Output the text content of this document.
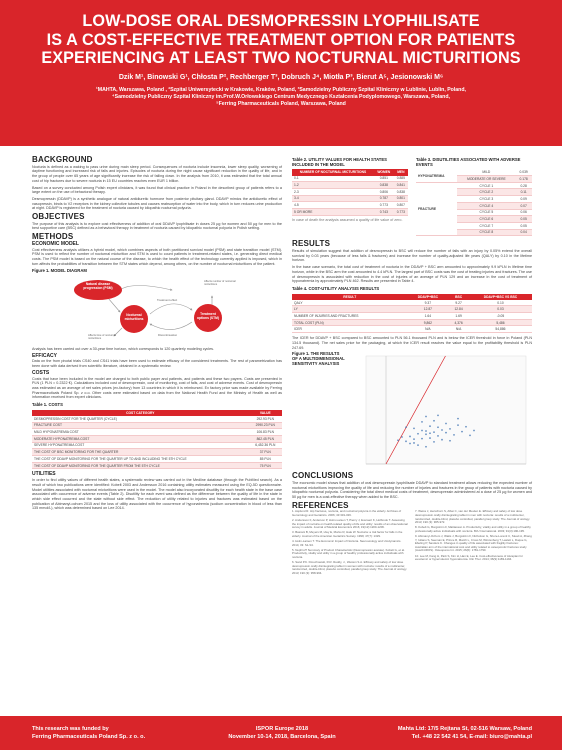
LOW-DOSE ORAL DESMOPRESSIN LYOPHILISATE
IS A COST-EFFECTIVE TREATMENT OPTION FOR PATIENTS
EXPERIENCING AT LEAST TWO NOCTURNAL MICTURITIONS
Dzik M¹, Binowski G¹, Chłosta P², Rechberger T³, Dobruch J⁴, Miotła P³, Bierut A⁵, Jesionowski M⁶
¹MAHTA, Warszawa, Poland , ²Szpital Uniwersytecki w Krakowie, Kraków, Poland, ³Samodzielny Publiczny Szpital Kliniczny w Lublinie, Lublin, Poland,
⁴Samodzielny Publiczny Szpital Kliniczny im.Prof.W.Orłowskiego Centrum Medycznego Kształcenia Podyplomowego, Warszawa, Poland,
⁵Ferring Pharmaceuticals Poland, Warszawa, Poland
BACKGROUND

Nocturia is defined as a waking to pass urine during main sleep period. Consequences of nocturia include insomnia, lower sleep quality, worsening of daytime functioning and increased risk of falls and injuries. Episodes of nocturia during the night cause significant reduction in the quality of life, and in the group of people over 65 years of age significantly increase the risk of falling down. In the analysis from 2010, it was estimated that the total annual cost of hip fractures due to severe nocturia in 15 EU countries reaches even EUR 1 billion.

Based on a survey conducted among Polish expert clinicians, it was found that clinical practice in Poland in the described group of patients refers to a large extent on the use of behavioral therapy.

Desmopressin (DDAVP) is a synthetic analogue of natural antidiuretic hormone from posterior pituitary gland. DDAVP mimics the antidiuretic effect of vasopressin, binds to V2 receptors in the kidney collective tubules and causes reabsorption of water into the body, which in turn reduces urine production at night. DDAVP is registered for the treatment of nocturia caused by idiopathic nocturnal polyuria.

OBJECTIVES

The purpose of this analysis is to explore cost effectiveness of addition of oral DDAVP lyophilisate in doses 25 µg for women and 50 µg for men to the best supportive care (BSC) defined as a behavioral therapy in treatment of nocturia caused by idiopathic nocturnal polyuria in Polish setting.

METHODS
ECONOMIC MODEL

Cost effectiveness analysis utilizes a hybrid model, which combines aspects of both partitioned survival model (PSM) and state transition model (STM). PSM is used to reflect the number of nocturnal micturition and STM is used to count patients in treatment-related states, i.e. generating direct medical costs. The PSM model is based on the natural course of the disease, to which the health effect of the technology currently applied is imposed, which in turn affects the probabilities of transition between the STM states which depend, among others, on the number of nocturnal micturitions of the patient.

Figure 1. MODEL DIAGRAM
Natural disease progression (PSM)
Nocturnal micturitions
Treatment options (STM)
Treatment effect
Discontinuation
Affects number of nocturnal micturitions
Affects time of nocturnal micturitions

Analysis has been carried out over a 30-year time horizon, which corresponds to 120 quarterly modeling cycles.

EFFICACY

Data on the from pivotal trials CS40 and CS41 trials have been used to estimate efficacy of the considered treatments. The rest of parametrization has been done with data derived from scientific literature, obtained in a systematic review.

COSTS

Costs that have been included in the model are charged to both public payer and patients, and patients and these two payers. Costs are presented in PLN (1 PLN = 0.2322 €). Calculations included cost of desmopressin, cost of monitoring, cost of falls, and cost of adverse events. Cost of desmopressin was estimated as an average of net sales prices (ex-factory) from 13 countries in which it is reimbursed. Ex factory price was made available by Ferring Pharmaceuticals Poland Sp. z o.o. Other costs were estimated based on data from the National Health Fund and the Ministry of Health as well as information received from expert clinicians.

Table 1. COSTS
COST CATEGORY	VALUE
DESMOPRESSIN COST FOR THE QUARTER (CYCLE)	292.93 PLN
FRACTURE COST	2990.23 PLN
MILD HYPONATREMIA COST	106.83 PLN
MODERATE HYPONATREMIA COST	862.45 PLN
SEVERE HYPONATREMIA COST	6,452.36 PLN
THE COST OF BSC MONITORING FOR THE QUARTER	37 PLN
THE COST OF DDAVP MONITORING FOR THE QUARTER UP TO AND INCLUDING THE 5TH CYCLE	85 PLN
THE COST OF DDAVP MONITORING FOR THE QUARTER FROM THE 5TH CYCLE	75 PLN
UTILITIES

In order to find utility values of different health states, a systematic review was carried out in the Medline database (through the PubMed search). As a result of which two publications were identified: Kobelt 2003 and Andersson 2016 containing utility estimates measured using the EQ-5D questionnaire. Model utilities associated with nocturnal micturitions were used in the model. The model also incorporated disutility for each health state in the base case associated with occurrence of adverse events (Table 2). Disutility for each event was defined as the difference between the quality of life in the state in which side effect occurred and the state without side effect. The reduction of utility related to injuries and fractures was estimated based on the publication of Abimanyi-ochom 2015 and the loss of utility associated with the occurrence of hyponatremia (sodium concentration in blood of less than 135 mmol/L), which was determined based on Lee 2014.

Table 2. UTILITY VALUES FOR HEALTH STATES INCLUDED IN THE MODEL
NUMBER OF NOCTURNAL MICTURITIONS	WOMEN	MEN
0-1	0.851	0.885
1-2	0.838	0.841
2-3	0.806	0.838
3-4	0.787	0.801
4-5	0.773	0.807
5 OR MORE	0.743	0.773

In case of death the analysis assumed a quality of life value of zero.

Table 3. DISUTILITIES ASSOCIATED WITH ADVERSE EVENTS
HYPONATREMIA	MILD	0.039
	MODERATE OR SEVERE	0.178
FRACTURE	CYCLE 1	0.28
	CYCLE 2	0.11
	CYCLE 3	0.09
	CYCLE 4	0.07
	CYCLE 5	0.06
	CYCLE 6	0.05
	CYCLE 7	0.05
	CYCLE 8	0.04
RESULTS

Results of simulation suggest that addition of desmopressin to BSC will reduce the number of falls with an injury by 0.05% extend the overall survival by 0.03 years (because of less falls & fractures) and increase the number of quality-adjusted life years (QALY) by 0.10 in the lifetime horizon.

In the base case scenario, the total cost of treatment of nocturia in the DDAVP + BSC arm amounted to approximately 9.9 kPLN in lifetime time horizon, while in the BSC arm the cost amounted to 4.4 kPLN. The largest part of BSC costs was the cost of treating injuries and fractures. The use of desmopressin is associated with reduction in the cost of injuries of an average of PLN 129 and an increase in the cost of treatment of hyponatremia by approximately PLN 462. Results are presented in Table 4.

Table 4. COST-UTILITY ANALYSIS RESULTS
RESULT	DDAVP+BSC	BSC	DDAVP+BSC VS BSC
QALY	9.37	9.27	0.10
LY	12.87	12.84	0.03
NUMBER OF INJURIES AND FRACTURES	1.64	1.69	-0.05
TOTAL COST (PLN)	9,862	4,376	5,486
ICER	N/A	N/A	54,886

The ICER for DDAVP + BSC compared to BSC amounted to PLN 56.1 thousand PLN and is below the ICER threshold in force in Poland (PLN 134.5 thousand). The net sales price for the packaging, at which the ICER result reaches the value equal to the profitability threshold is PLN 247.69.

Figure 1. THE RESULTS
OF A MULTIDIMENSIONAL
SENSITIVITY ANALYSIS
CONCLUSIONS

The economic model shows that addition of oral desmopressin lyophilisate DDAVP to standard treatment allows reducing the expected number of nocturnal micturitions improving the quality of life and reducing the number of injuries and fractures in the group of patients with nocturia caused by idiopathic nocturnal polyuria. Considering the total direct medical costs of treatment, desmopressin administered at a dose of 25 µg for women and 50 µg for men is a cost-effective therapy when added to the BSC.

REFERENCES

1. Asplund R. Hip fractures, nocturia, and nocturnal polyuria in the elderly. Archives of Gerontology and Geriatrics. 2006; 43:319-326.

2. Andersson F, Anderson P, Holm-Larsen T, Piercy J, Everaert K, Holbrook T. Assessing the impact of nocturia on health-related quality-of-life and utility: results of an observational survey in adults. Journal of Medical Economics 2016; 19(12):1200-1206.

3. Basrani B, Meyers M, Hwy E, Morko R, Hale W. Nocturia: a risk factor for falls in the elderly. Journal of the American Geriatrics Society. 1999; 47(7): 1329.

4. Holm-Larsen T. The Economic Impact of Nocturia. Neurourology and Urodynamics. 2014; 33: S1-S3.

5. Nephrol? Summary of Product Characteristic (Desmopressin acetate). Kobelt G, et al. Productivity, vitality and utility in a group of healthy professionally active individuals with nocturia.

6. Sand P.K. Dmochowski, R.R. Reddy, J., Weston S.A. Efficacy and safety of low dose desmopressin orally disintegrating tablet in women with nocturia: results of a multicenter, randomized, double-blind, placebo controlled, parallel group study. The Journal of urology. 2013; 190 (3): 958-964.

7. Weiss J, Herschorn S, Albei C, van der Meulen E. Efficacy and safety of low dose desmopressin orally disintegrating tablet in men with nocturia: results of a multicenter, randomized, double-blind, placebo controlled, parallel group study. The Journal of urology. 2013; 190 (3): 965-972.

8. Kobelt G, Borgström F, Mattiasson A. Productivity, vitality and utility in a group of healthy professionally active individuals with nocturia. BJU International. 2003; 91(3):190-195.

9. Abimanyi-Ochom J, Watts J, Borgström F, Nicholson G, Shore-Lorenti C, Stuart A, Zhang Y, Iuliano S, Seeman E, Prince R, March L, Cross M, Winzenberg T, Laslett L, Duque G, Ebeling P, Sanders K. Changes in quality of life associated with fragility fractures: Australian arm of the international cost and utility related to osteoporotic fractures study (AusICUROS). Osteoporos Int. 2015; 26(6): 1781-1790.

10. Lee M, Kang H, Park S, Kim H, Han E, Lee E. Cost-effectiveness of tolvaptan for euvolemic or hypervolemic hyponatremia. Clin Ther. 2014; 36(9):1183-1194.

This research was funded by
Ferring Pharmaceuticals Poland Sp. z o. o.
ISPOR Europe 2018
November 10-14, 2018, Barcelona, Spain
Mahta Ltd: 17/5 Rejtana St, 02-516 Warsaw, Poland
Tel. +48 22 542 41 54, E-mail: biuro@mahta.pl
